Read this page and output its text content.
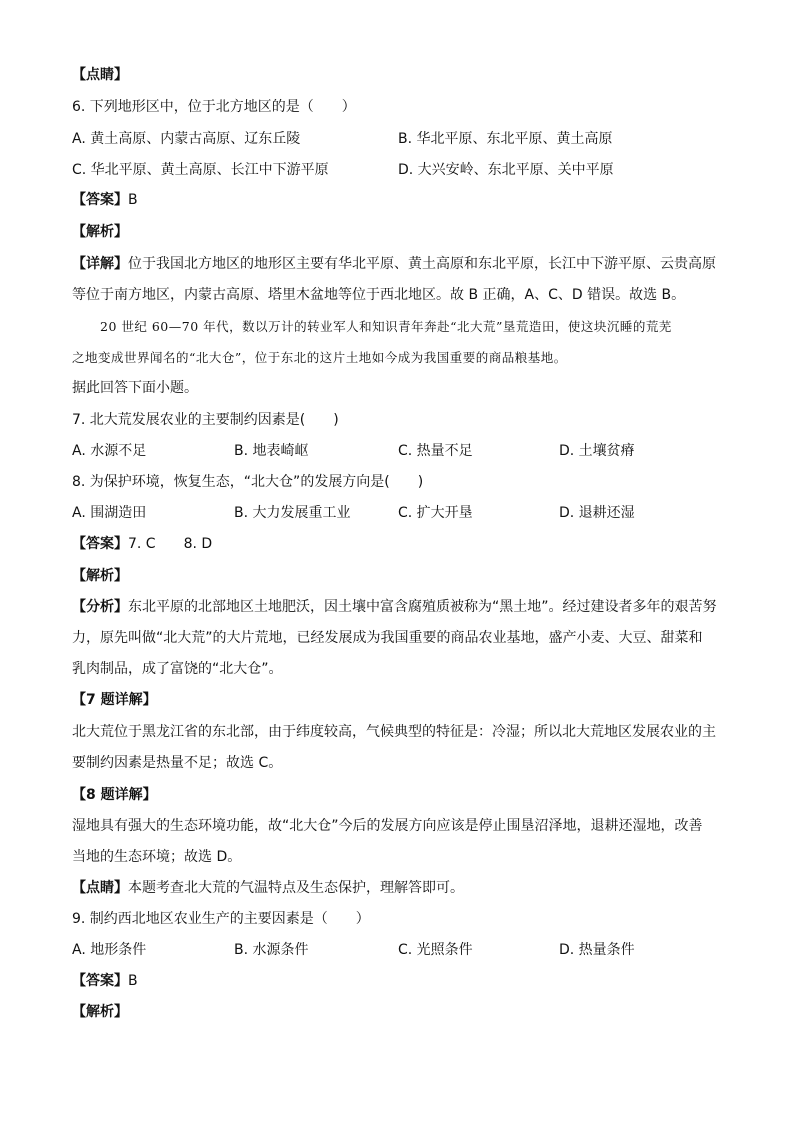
【点睛】
6. 下列地形区中，位于北方地区的是（　　）
A. 黄土高原、内蒙古高原、辽东丘陵	B. 华北平原、东北平原、黄土高原
C. 华北平原、黄土高原、长江中下游平原	D. 大兴安岭、东北平原、关中平原
【答案】B
【解析】
【详解】位于我国北方地区的地形区主要有华北平原、黄土高原和东北平原，长江中下游平原、云贵高原
等位于南方地区，内蒙古高原、塔里木盆地等位于西北地区。故 B 正确，A、C、D 错误。故选 B。
20 世纪 60—70 年代，数以万计的转业军人和知识青年奔赴“北大荒”垦荒造田，使这块沉睡的荒芜
之地变成世界闻名的“北大仓”，位于东北的这片土地如今成为我国重要的商品粮基地。
据此回答下面小题。
7. 北大荒发展农业的主要制约因素是(　　)
A. 水源不足	B. 地表崎岖	C. 热量不足	D. 土壤贫瘠
8. 为保护环境，恢复生态，“北大仓”的发展方向是(　　)
A. 围湖造田	B. 大力发展重工业	C. 扩大开垦	D. 退耕还湿
【答案】7. C　　8. D
【解析】
【分析】东北平原的北部地区土地肥沃，因土壤中富含腐殖质被称为“黑土地”。经过建设者多年的艰苦努
力，原先叫做“北大荒”的大片荒地，已经发展成为我国重要的商品农业基地，盛产小麦、大豆、甜菜和
乳肉制品，成了富饶的“北大仓”。
【7 题详解】
北大荒位于黑龙江省的东北部，由于纬度较高，气候典型的特征是：冷湿；所以北大荒地区发展农业的主
要制约因素是热量不足；故选 C。
【8 题详解】
湿地具有强大的生态环境功能，故“北大仓”今后的发展方向应该是停止围垦沼泽地，退耕还湿地，改善
当地的生态环境；故选 D。
【点睛】本题考查北大荒的气温特点及生态保护，理解答即可。
9. 制约西北地区农业生产的主要因素是（　　）
A. 地形条件	B. 水源条件	C. 光照条件	D. 热量条件
【答案】B
【解析】
